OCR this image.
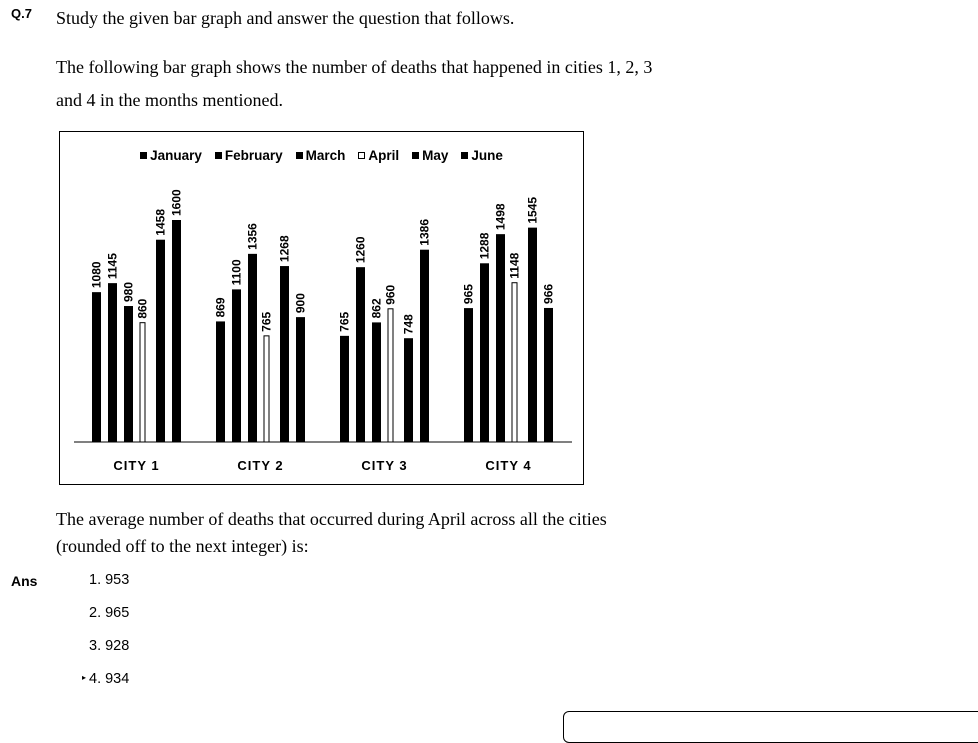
Q.7 Study the given bar graph and answer the question that follows.
The following bar graph shows the number of deaths that happened in cities 1, 2, 3
and 4 in the months mentioned.
1080 1145
980
860
1458
1600
CITY 1
869
1100
1356
765
1268
900
CITY 2
765
1260
862
960
748
1386
CITY 3
965
1288
1498
1148
1545
966
CITY 4
January February March April May June
The average number of deaths that occurred during April across all the cities
(rounded off to the next integer) is:
Ans	1. 953
2. 965
3. 928
4. 934
▸
